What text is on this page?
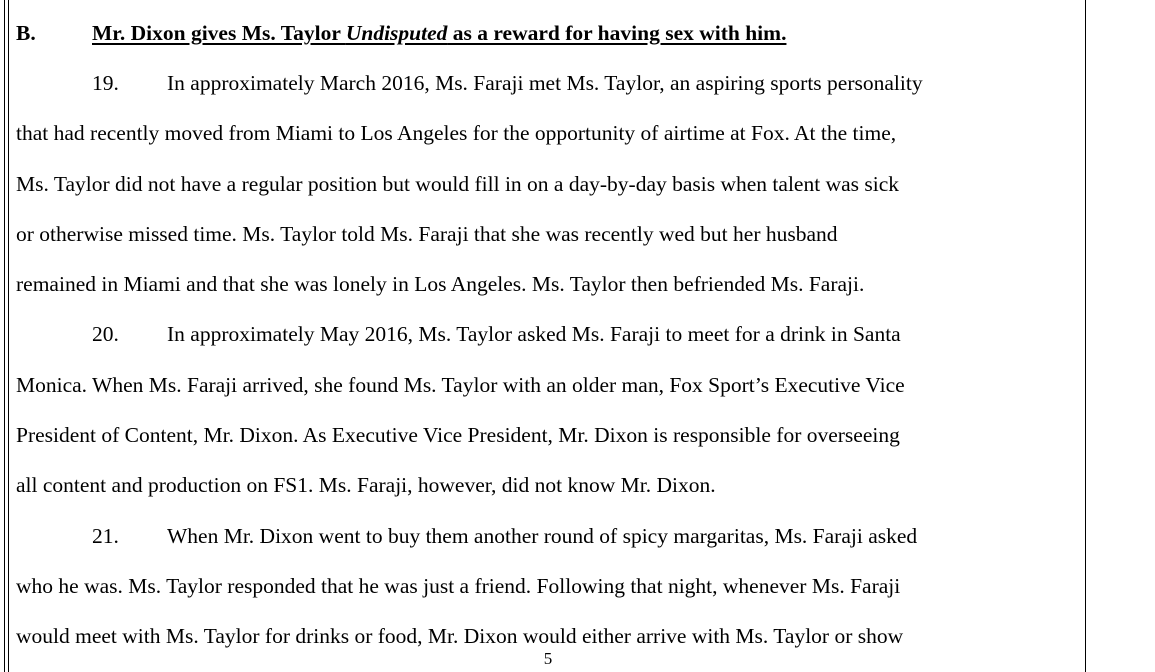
B.	Mr. Dixon gives Ms. Taylor Undisputed as a reward for having sex with him.
19. In approximately March 2016, Ms. Faraji met Ms. Taylor, an aspiring sports personality
that had recently moved from Miami to Los Angeles for the opportunity of airtime at Fox. At the time,
Ms. Taylor did not have a regular position but would fill in on a day-by-day basis when talent was sick
or otherwise missed time. Ms. Taylor told Ms. Faraji that she was recently wed but her husband
remained in Miami and that she was lonely in Los Angeles. Ms. Taylor then befriended Ms. Faraji.
20. In approximately May 2016, Ms. Taylor asked Ms. Faraji to meet for a drink in Santa
Monica. When Ms. Faraji arrived, she found Ms. Taylor with an older man, Fox Sport’s Executive Vice
President of Content, Mr. Dixon. As Executive Vice President, Mr. Dixon is responsible for overseeing
all content and production on FS1. Ms. Faraji, however, did not know Mr. Dixon.
21. When Mr. Dixon went to buy them another round of spicy margaritas, Ms. Faraji asked
who he was. Ms. Taylor responded that he was just a friend. Following that night, whenever Ms. Faraji
would meet with Ms. Taylor for drinks or food, Mr. Dixon would either arrive with Ms. Taylor or show
5
